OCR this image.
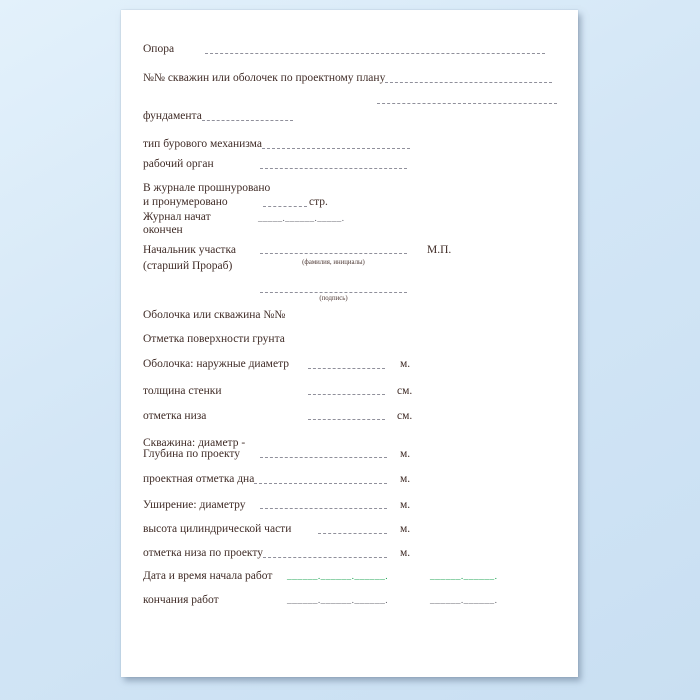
Опора
№№ скважин или оболочек по проектному плану
фундамента
тип бурового механизма
рабочий орган
В журнале прошнуровано
и пронумеровано	стр.
Журнал начат	_____.______._____.
окончен
Начальник участка	М.П.
(старший Прораб)	(фамилия, инициалы)
(подпись)
Оболочка или скважина №№
Отметка поверхности грунта
Оболочка: наружные диаметр	м.
толщина стенки	см.
отметка низа	см.
Скважина: диаметр -
Глубина по проекту	м.
проектная отметка дна	м.
Уширение: диаметру	м.
высота цилиндрической части	м.
отметка низа по проекту	м.
Дата и время начала работ ______.______.______.	______.______.
кончания работ	______.______.______.	______.______.
